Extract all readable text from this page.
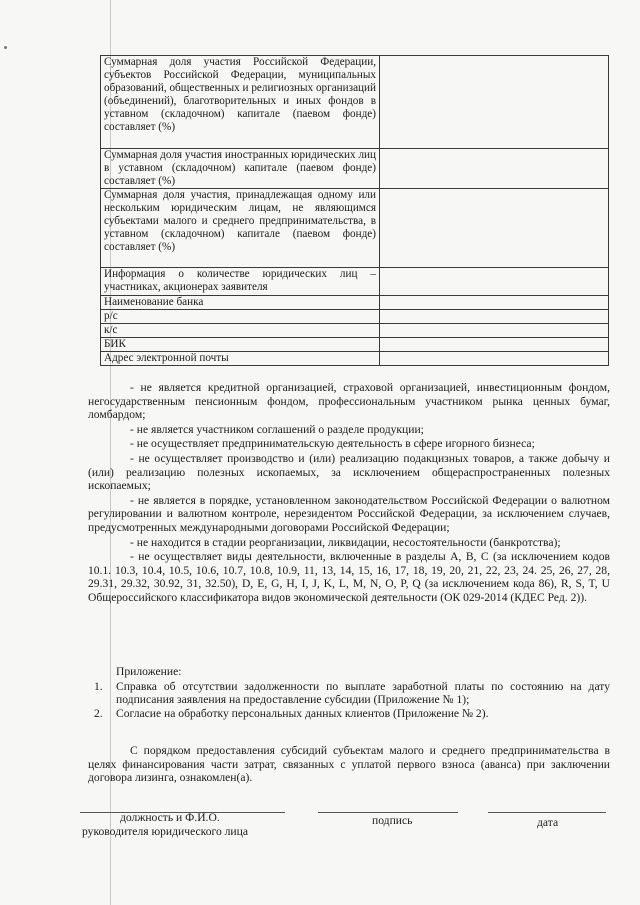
Суммарная доля участия Российской Федерации, субъектов Российской Федерации, муниципальных образований, общественных и религиозных организаций (объединений), благотворительных и иных фондов в уставном (складочном) капитале (паевом фонде) составляет (%)	
Суммарная доля участия иностранных юридических лиц в уставном (складочном) капитале (паевом фонде) составляет (%)	
Суммарная доля участия, принадлежащая одному или нескольким юридическим лицам, не являющимся субъектами малого и среднего предпринимательства, в уставном (складочном) капитале (паевом фонде) составляет (%)	
Информация о количестве юридических лиц –участниках, акционерах заявителя	
Наименование банка	
р/с	
к/с	
БИК	
Адрес электронной почты	

- не является кредитной организацией, страховой организацией, инвестиционным фондом, негосударственным пенсионным фондом, профессиональным участником рынка ценных бумаг, ломбардом;

- не является участником соглашений о разделе продукции;

- не осуществляет предпринимательскую деятельность в сфере игорного бизнеса;

- не осуществляет производство и (или) реализацию подакцизных товаров, а также добычу и (или) реализацию полезных ископаемых, за исключением общераспространенных полезных ископаемых;

- не является в порядке, установленном законодательством Российской Федерации о валютном регулировании и валютном контроле, нерезидентом Российской Федерации, за исключением случаев, предусмотренных международными договорами Российской Федерации;

- не находится в стадии реорганизации, ликвидации, несостоятельности (банкротства);

- не осуществляет виды деятельности, включенные в разделы A, B, C (за исключением кодов 10.1. 10.3, 10.4, 10.5, 10.6, 10.7, 10.8, 10.9, 11, 13, 14, 15, 16, 17, 18, 19, 20, 21, 22, 23, 24. 25, 26, 27, 28, 29.31, 29.32, 30.92, 31, 32.50), D, E, G, H, I, J, K, L, M, N, O, P, Q (за исключением кода 86), R, S, T, U Общероссийского классификатора видов экономической деятельности (ОК 029-2014 (КДЕС Ред. 2)).

Приложение:
1. Справка об отсутствии задолженности по выплате заработной платы по состоянию на дату подписания заявления на предоставление субсидии (Приложение № 1);
2. Согласие на обработку персональных данных клиентов (Приложение № 2).
С порядком предоставления субсидий субъектам малого и среднего предпринимательства в целях финансирования части затрат, связанных с уплатой первого взноса (аванса) при заключении договора лизинга, ознакомлен(а).
должность и Ф.И.О.
руководителя юридического лица
подпись	дата
